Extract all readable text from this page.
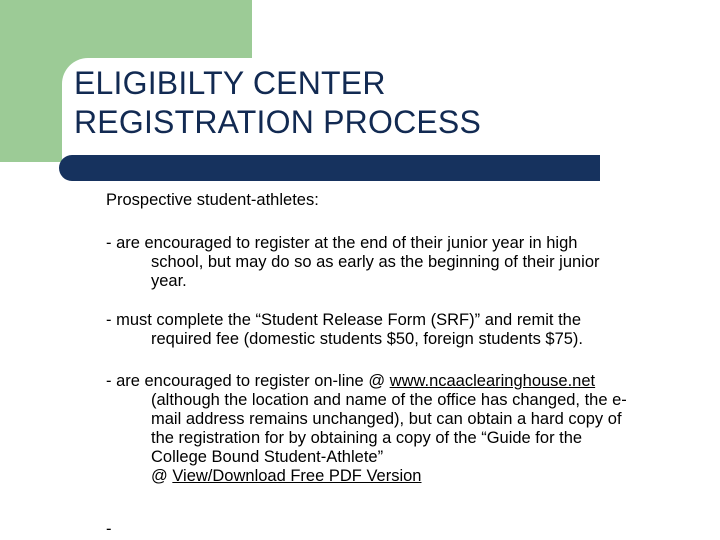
ELIGIBILTY CENTER
REGISTRATION PROCESS

Prospective student-athletes:

- are encouraged to register at the end of their junior year in high
school, but may do so as early as the beginning of their junior
year.

- must complete the “Student Release Form (SRF)” and remit the
required fee (domestic students $50, foreign students $75).

- are encouraged to register on-line @ www.ncaaclearinghouse.net
(although the location and name of the office has changed, the e-
mail address remains unchanged), but can obtain a hard copy of
the registration for by obtaining a copy of the “Guide for the
College Bound Student-Athlete”
@ View/Download Free PDF Version

-
